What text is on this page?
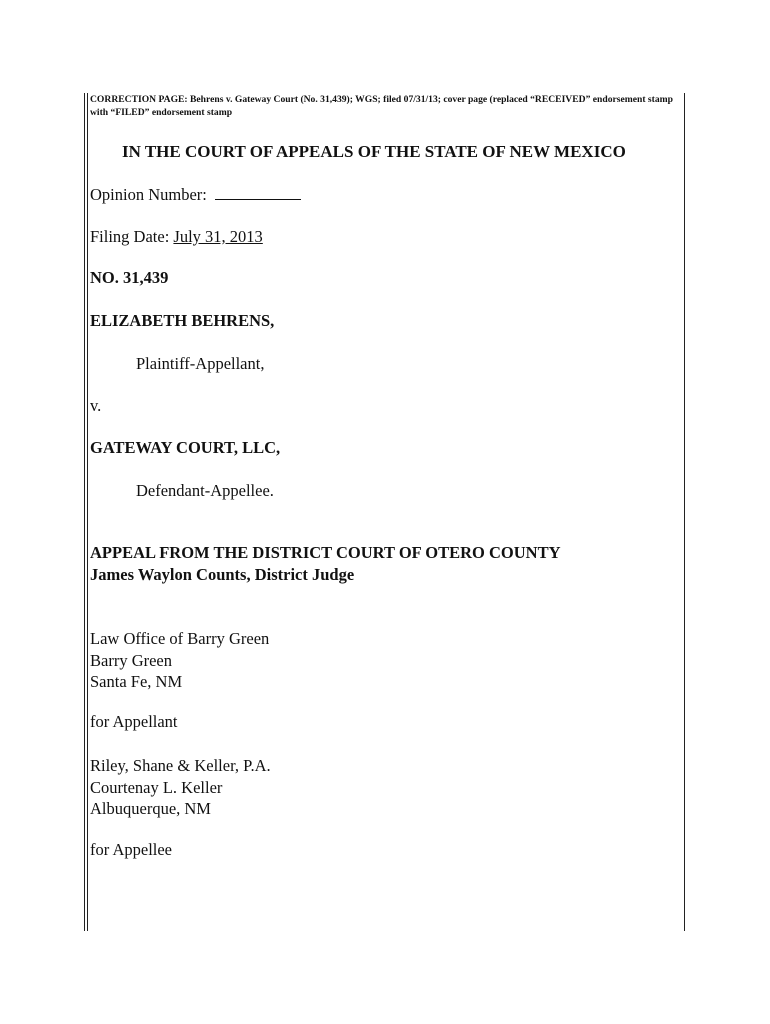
CORRECTION PAGE: Behrens v. Gateway Court (No. 31,439); WGS; filed 07/31/13; cover page (replaced “RECEIVED” endorsement stamp with “FILED” endorsement stamp
IN THE COURT OF APPEALS OF THE STATE OF NEW MEXICO
Opinion Number:
Filing Date: July 31, 2013
NO. 31,439
ELIZABETH BEHRENS,
Plaintiff-Appellant,
v.
GATEWAY COURT, LLC,
Defendant-Appellee.
APPEAL FROM THE DISTRICT COURT OF OTERO COUNTY
James Waylon Counts, District Judge
Law Office of Barry Green
Barry Green
Santa Fe, NM
for Appellant
Riley, Shane & Keller, P.A.
Courtenay L. Keller
Albuquerque, NM
for Appellee
